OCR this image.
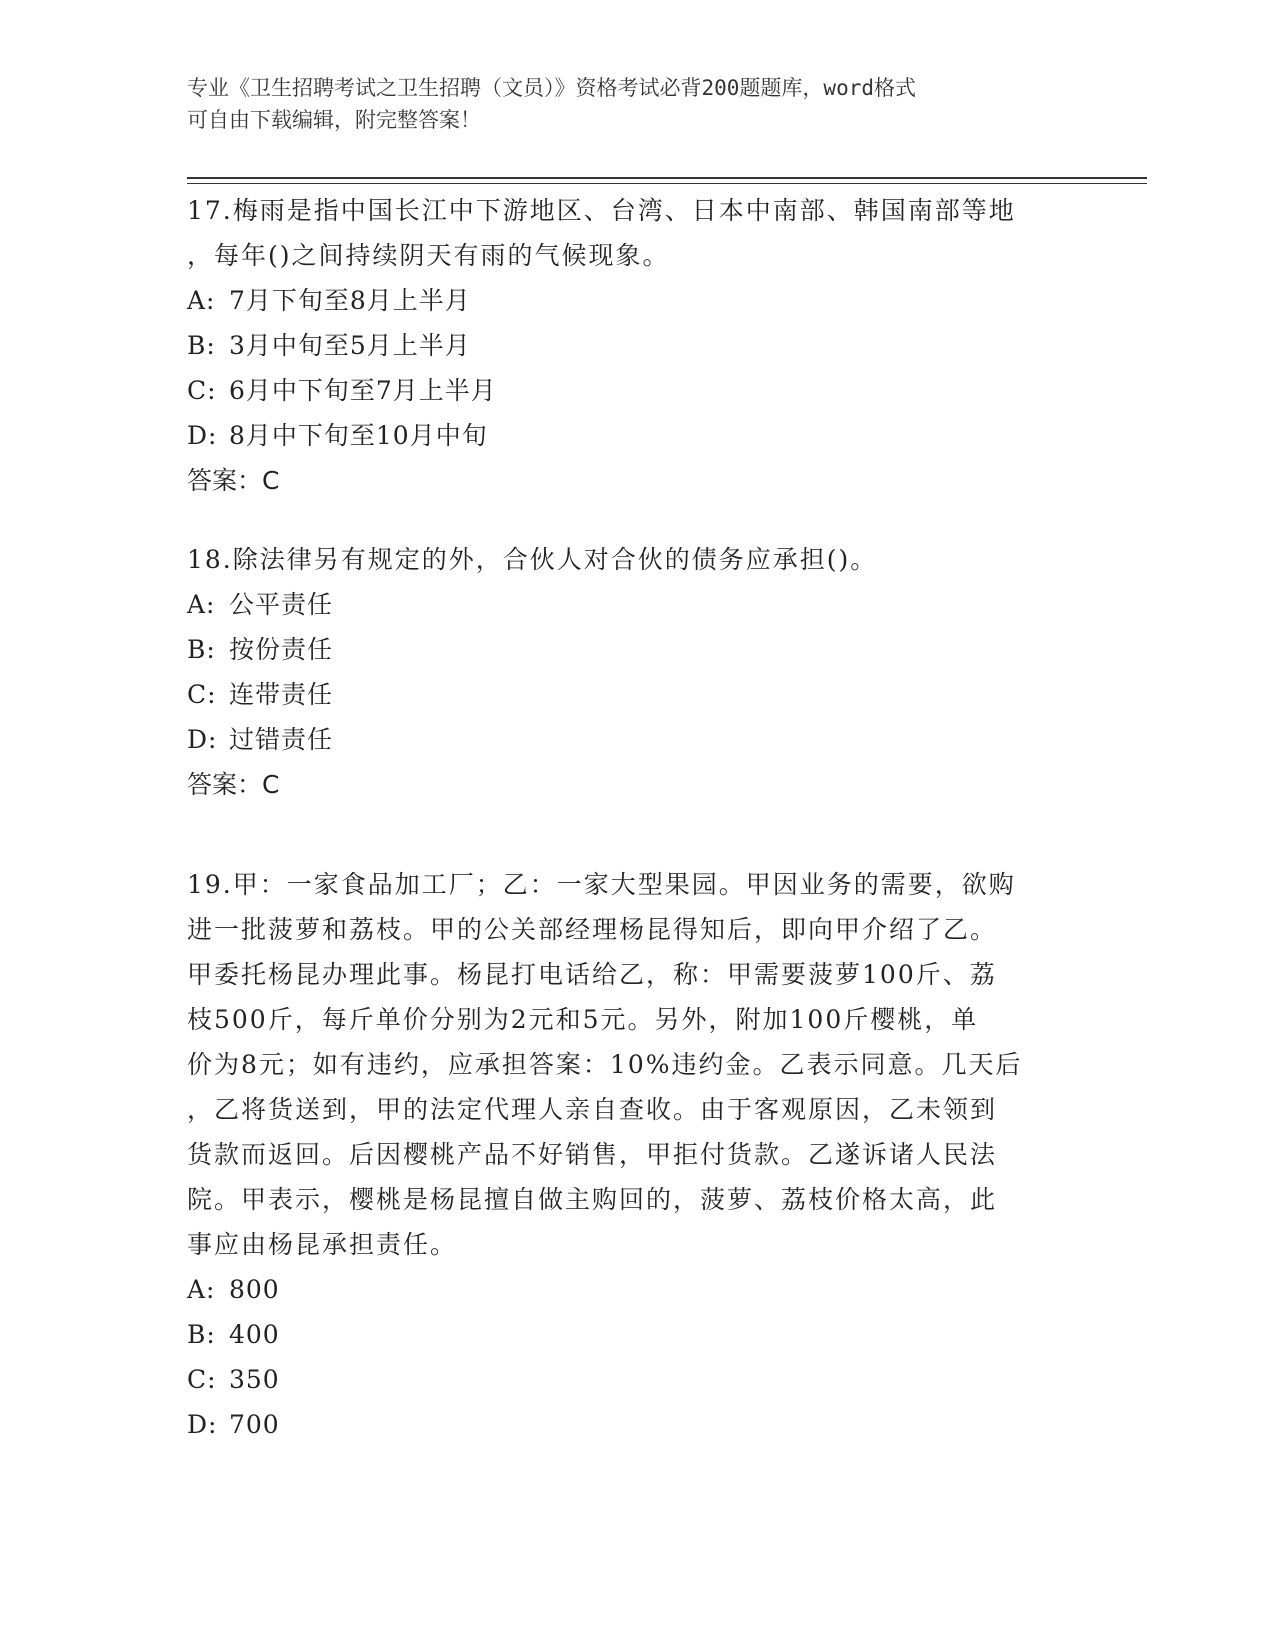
专业《卫生招聘考试之卫生招聘（文员）》资格考试必背200题题库，word格式
可自由下载编辑，附完整答案！
17.梅雨是指中国长江中下游地区、台湾、日本中南部、韩国南部等地
，每年()之间持续阴天有雨的气候现象。
A: 7月下旬至8月上半月
B: 3月中旬至5月上半月
C: 6月中下旬至7月上半月
D: 8月中下旬至10月中旬
答案：C
18.除法律另有规定的外，合伙人对合伙的债务应承担()。
A: 公平责任
B: 按份责任
C: 连带责任
D: 过错责任
答案：C
19.甲：一家食品加工厂；乙：一家大型果园。甲因业务的需要，欲购
进一批菠萝和荔枝。甲的公关部经理杨昆得知后，即向甲介绍了乙。
甲委托杨昆办理此事。杨昆打电话给乙，称：甲需要菠萝100斤、荔
枝500斤，每斤单价分别为2元和5元。另外，附加100斤樱桃，单
价为8元；如有违约，应承担答案：10%违约金。乙表示同意。几天后
，乙将货送到，甲的法定代理人亲自查收。由于客观原因，乙未领到
货款而返回。后因樱桃产品不好销售，甲拒付货款。乙遂诉诸人民法
院。甲表示，樱桃是杨昆擅自做主购回的，菠萝、荔枝价格太高，此
事应由杨昆承担责任。
A: 800
B: 400
C: 350
D: 700
